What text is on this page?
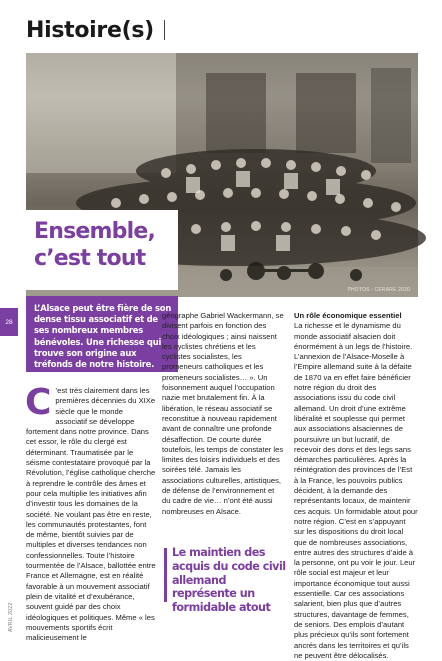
Histoire(s)
PHOTOS : CERARE 2020
Ensemble,
c’est tout

L’Alsace peut être fière de son dense tissu associatif et de ses nombreux membres bénévoles. Une richesse qui trouve son origine aux tréfonds de notre histoire.

28
AVRIL 2022
C ’est très clairement dans les premières décennies du XIXe siècle que le monde associatif se développe fortement dans notre province. Dans cet essor, le rôle du clergé est déterminant. Traumatisée par le séisme contestataire provoqué par la Révolution, l’église catholique cherche à reprendre le contrôle des âmes et pour cela multiplie les initiatives afin d’investir tous les domaines de la société. Ne voulant pas être en reste, les communautés protestantes, font de même, bientôt suivies par de multiples et diverses tendances non confessionnelles. Toute l’histoire tourmentée de l’Alsace, ballottée entre France et Allemagne, est en réalité favorable à un mouvement associatif plein de vitalité et d’exubérance, souvent guidé par des choix idéologiques et politiques. Même « les mouvements sportifs écrit malicieusement le

géographe Gabriel Wackermann, se divisent parfois en fonction des choix idéologiques ; ainsi naissent les cyclistes chrétiens et les cyclistes socialistes, les promeneurs catholiques et les promeneurs socialistes… ». Un foisonnement auquel l’occupation nazie met brutalement fin. À la libération, le réseau associatif se reconstitue à nouveau rapidement avant de connaître une profonde désaffection. De courte durée toutefois, les temps de constater les limites des loisirs individuels et des soirées télé. Jamais les associations culturelles, artistiques, de défense de l’environnement et du cadre de vie… n’ont été aussi nombreuses en Alsace.

Le maintien des acquis du code civil allemand représente un formidable atout

Un rôle économique essentiel

La richesse et le dynamisme du monde associatif alsacien doit énormément à un legs de l’histoire. L’annexion de l’Alsace-Moselle à l’Empire allemand suite à la défaite de 1870 va en effet faire bénéficier notre région du droit des associations issu du code civil allemand. Un droit d’une extrême libéralité et souplesse qui permet aux associations alsaciennes de poursuivre un but lucratif, de recevoir des dons et des legs sans démarches particulières. Après la réintégration des provinces de l’Est à la France, les pouvoirs publics décident, à la demande des représentants locaux, de maintenir ces acquis. Un formidable atout pour notre région. C’est en s’appuyant sur les dispositions du droit local que de nombreuses associations, entre autres des structures d’aide à la personne, ont pu voir le jour. Leur rôle social est majeur et leur importance économique tout aussi essentielle. Car ces associations salarient, bien plus que d’autres structures, davantage de femmes, de seniors. Des emplois d’autant plus précieux qu’ils sont fortement ancrés dans les territoires et qu’ils ne peuvent être délocalisés.
